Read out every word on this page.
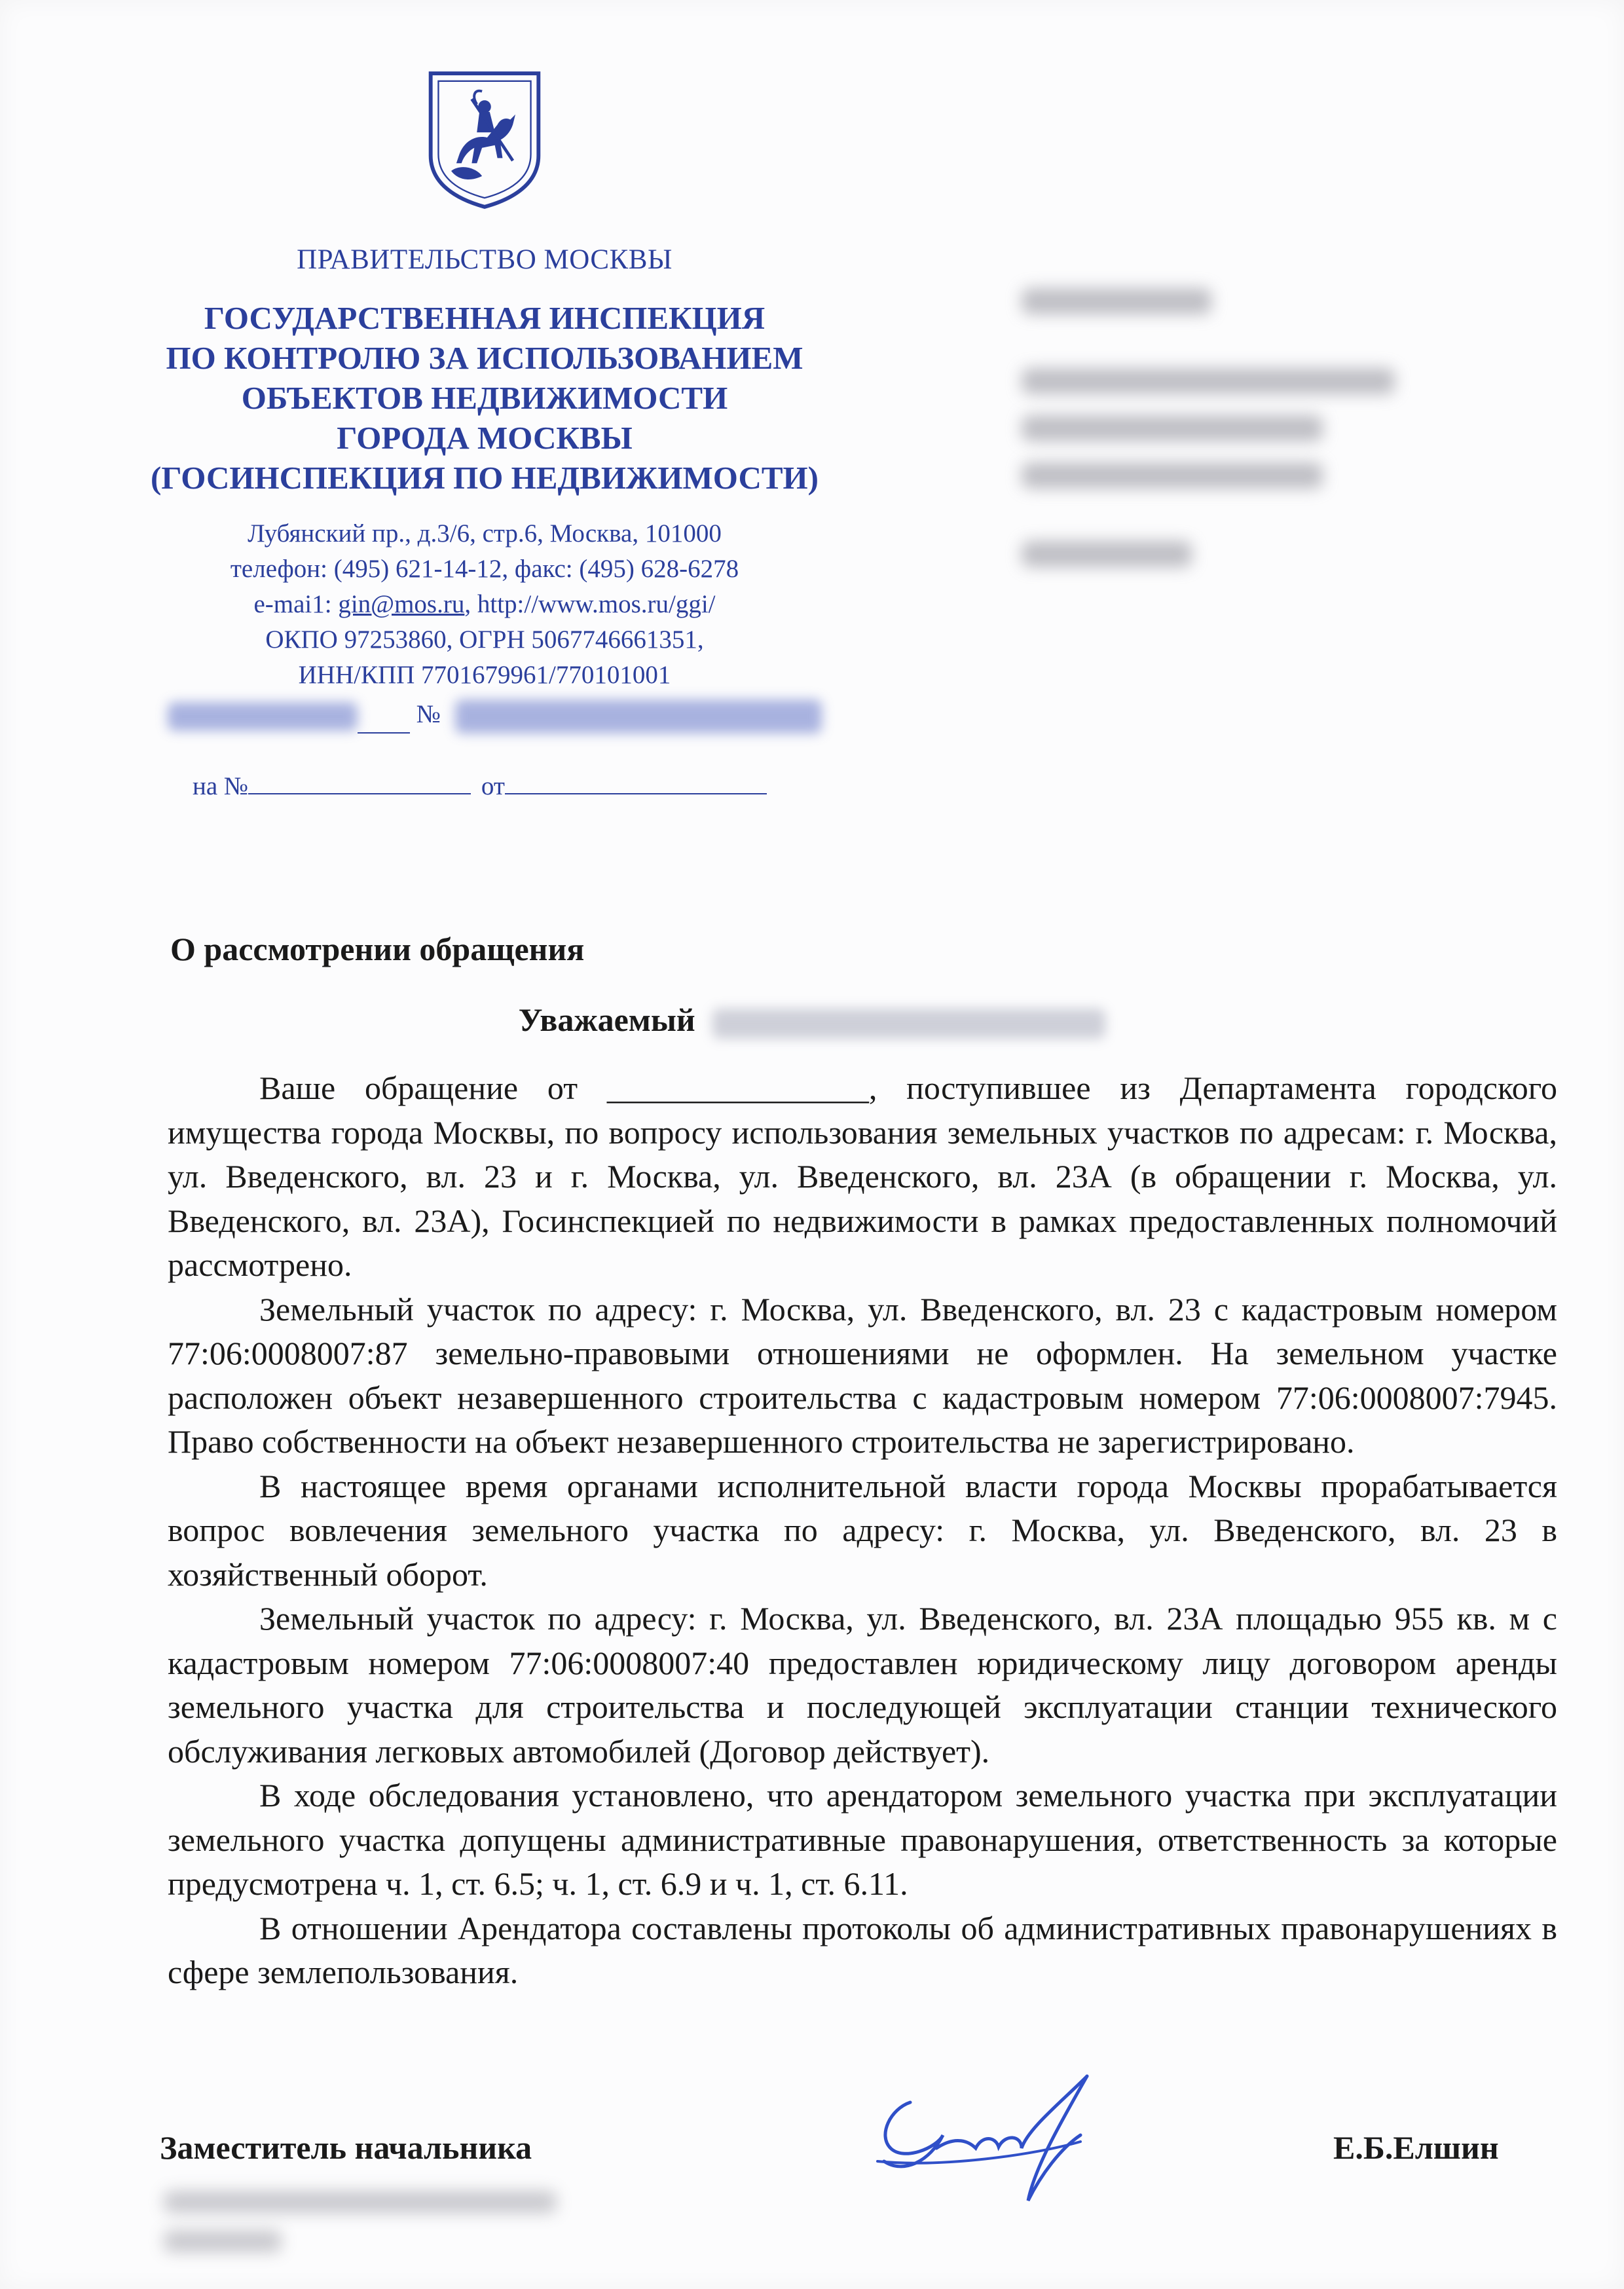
ПРАВИТЕЛЬСТВО МОСКВЫ
ГОСУДАРСТВЕННАЯ ИНСПЕКЦИЯ
ПО КОНТРОЛЮ ЗА ИСПОЛЬЗОВАНИЕМ
ОБЪЕКТОВ НЕДВИЖИМОСТИ
ГОРОДА МОСКВЫ
(ГОСИНСПЕКЦИЯ ПО НЕДВИЖИМОСТИ)
Лубянский пр., д.3/6, стр.6, Москва, 101000
телефон: (495) 621-14-12, факс: (495) 628-6278
e-mai1: gin@mos.ru, http://www.mos.ru/ggi/
ОКПО 97253860, ОГРН 5067746661351,
ИНН/КПП 7701679961/770101001
№
на №	от
О рассмотрении обращения
Уважаемый

Ваше обращение от ________________, поступившее из Департамента городского имущества города Москвы, по вопросу использования земельных участков по адресам: г. Москва, ул. Введенского, вл. 23 и г. Москва, ул. Введенского, вл. 23А (в обращении г. Москва, ул. Введенского, вл. 23А), Госинспекцией по недвижимости в рамках предоставленных полномочий рассмотрено.

Земельный участок по адресу: г. Москва, ул. Введенского, вл. 23 с кадастровым номером 77:06:0008007:87 земельно-правовыми отношениями не оформлен. На земельном участке расположен объект незавершенного строительства с кадастровым номером 77:06:0008007:7945. Право собственности на объект незавершенного строительства не зарегистрировано.

В настоящее время органами исполнительной власти города Москвы прорабатывается вопрос вовлечения земельного участка по адресу: г. Москва, ул. Введенского, вл. 23 в хозяйственный оборот.

Земельный участок по адресу: г. Москва, ул. Введенского, вл. 23А площадью 955 кв. м с кадастровым номером 77:06:0008007:40 предоставлен юридическому лицу договором аренды земельного участка для строительства и последующей эксплуатации станции технического обслуживания легковых автомобилей (Договор действует).

В ходе обследования установлено, что арендатором земельного участка при эксплуатации земельного участка допущены административные правонарушения, ответственность за которые предусмотрена ч. 1, ст. 6.5; ч. 1, ст. 6.9 и ч. 1, ст. 6.11.

В отношении Арендатора составлены протоколы об административных правонарушениях в сфере землепользования.

Заместитель начальника	Е.Б.Елшин
